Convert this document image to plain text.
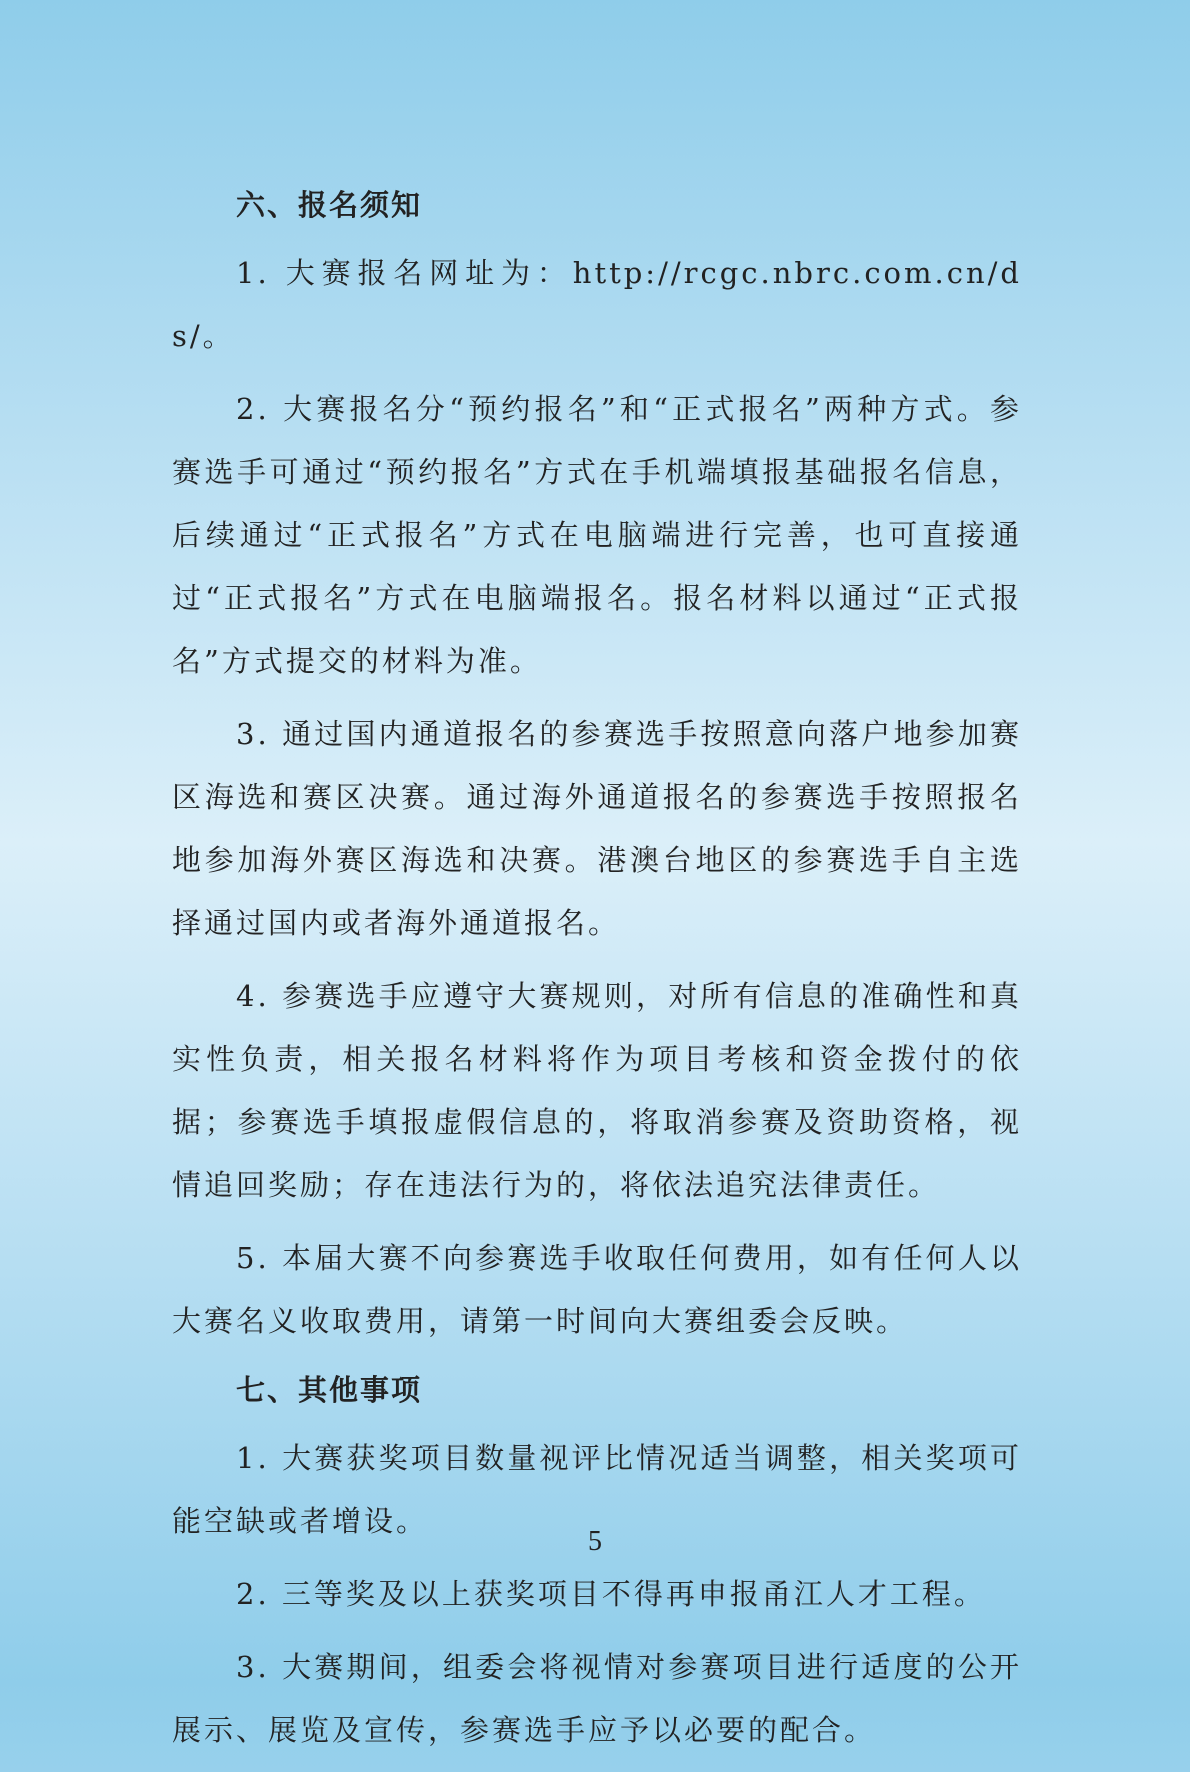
六、报名须知

1. 大赛报名网址为：http://rcgc.nbrc.com.cn/ds/。

2. 大赛报名分“预约报名”和“正式报名”两种方式。参赛选手可通过“预约报名”方式在手机端填报基础报名信息，后续通过“正式报名”方式在电脑端进行完善，也可直接通过“正式报名”方式在电脑端报名。报名材料以通过“正式报名”方式提交的材料为准。

3. 通过国内通道报名的参赛选手按照意向落户地参加赛区海选和赛区决赛。通过海外通道报名的参赛选手按照报名地参加海外赛区海选和决赛。港澳台地区的参赛选手自主选择通过国内或者海外通道报名。

4. 参赛选手应遵守大赛规则，对所有信息的准确性和真实性负责，相关报名材料将作为项目考核和资金拨付的依据；参赛选手填报虚假信息的，将取消参赛及资助资格，视情追回奖励；存在违法行为的，将依法追究法律责任。

5. 本届大赛不向参赛选手收取任何费用，如有任何人以大赛名义收取费用，请第一时间向大赛组委会反映。

七、其他事项

1. 大赛获奖项目数量视评比情况适当调整，相关奖项可能空缺或者增设。

2. 三等奖及以上获奖项目不得再申报甬江人才工程。

3. 大赛期间，组委会将视情对参赛项目进行适度的公开展示、展览及宣传，参赛选手应予以必要的配合。

5
